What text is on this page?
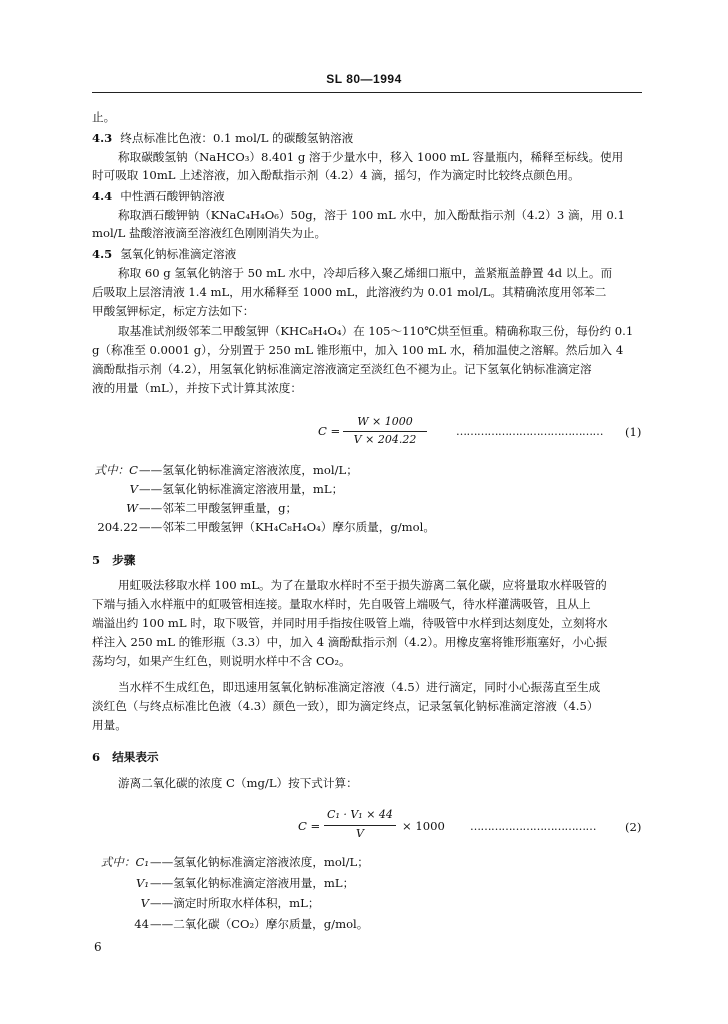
SL 80—1994
止。
4.3 终点标准比色液：0.1 mol/L 的碳酸氢钠溶液
称取碳酸氢钠（NaHCO₃）8.401 g 溶于少量水中，移入 1000 mL 容量瓶内，稀释至标线。使用
时可吸取 10mL 上述溶液，加入酚酞指示剂（4.2）4 滴，摇匀，作为滴定时比较终点颜色用。
4.4 中性酒石酸钾钠溶液
称取酒石酸钾钠（KNaC₄H₄O₆）50g，溶于 100 mL 水中，加入酚酞指示剂（4.2）3 滴，用 0.1
mol/L 盐酸溶液滴至溶液红色刚刚消失为止。
4.5 氢氧化钠标准滴定溶液
称取 60 g 氢氧化钠溶于 50 mL 水中，冷却后移入聚乙烯细口瓶中，盖紧瓶盖静置 4d 以上。而
后吸取上层溶清液 1.4 mL，用水稀释至 1000 mL，此溶液约为 0.01 mol/L。其精确浓度用邻苯二
甲酸氢钾标定，标定方法如下：
取基准试剂级邻苯二甲酸氢钾（KHC₈H₄O₄）在 105～110℃烘至恒重。精确称取三份，每份约 0.1
g（称准至 0.0001 g），分别置于 250 mL 锥形瓶中，加入 100 mL 水，稍加温使之溶解。然后加入 4
滴酚酞指示剂（4.2），用氢氧化钠标准滴定溶液滴定至淡红色不褪为止。记下氢氧化钠标准滴定溶
液的用量（mL），并按下式计算其浓度：
C =
W × 1000
V × 204.22
…………………………………… (1)
式中：C ——氢氧化钠标准滴定溶液浓度，mol/L；
V ——氢氧化钠标准滴定溶液用量，mL；
W ——邻苯二甲酸氢钾重量，g；
204.22 ——邻苯二甲酸氢钾（KH₄C₈H₄O₄）摩尔质量，g/mol。
5 步骤
用虹吸法移取水样 100 mL。为了在量取水样时不至于损失游离二氧化碳，应将量取水样吸管的
下端与插入水样瓶中的虹吸管相连接。量取水样时，先自吸管上端吸气，待水样灌满吸管，且从上
端溢出约 100 mL 时，取下吸管，并同时用手指按住吸管上端，待吸管中水样到达刻度处，立刻将水
样注入 250 mL 的锥形瓶（3.3）中，加入 4 滴酚酞指示剂（4.2）。用橡皮塞将锥形瓶塞好，小心振
荡均匀，如果产生红色，则说明水样中不含 CO₂。
当水样不生成红色，即迅速用氢氧化钠标准滴定溶液（4.5）进行滴定，同时小心振荡直至生成
淡红色（与终点标准比色液（4.3）颜色一致），即为滴定终点，记录氢氧化钠标准滴定溶液（4.5）
用量。
6 结果表示
游离二氧化碳的浓度 C（mg/L）按下式计算：
C =
C₁ · V₁ × 44
V
× 1000 ………………………………	(2)
式中：C₁ ——氢氧化钠标准滴定溶液浓度，mol/L；
V₁ ——氢氧化钠标准滴定溶液用量，mL；
V ——滴定时所取水样体积，mL；
44 ——二氧化碳（CO₂）摩尔质量，g/mol。
6
